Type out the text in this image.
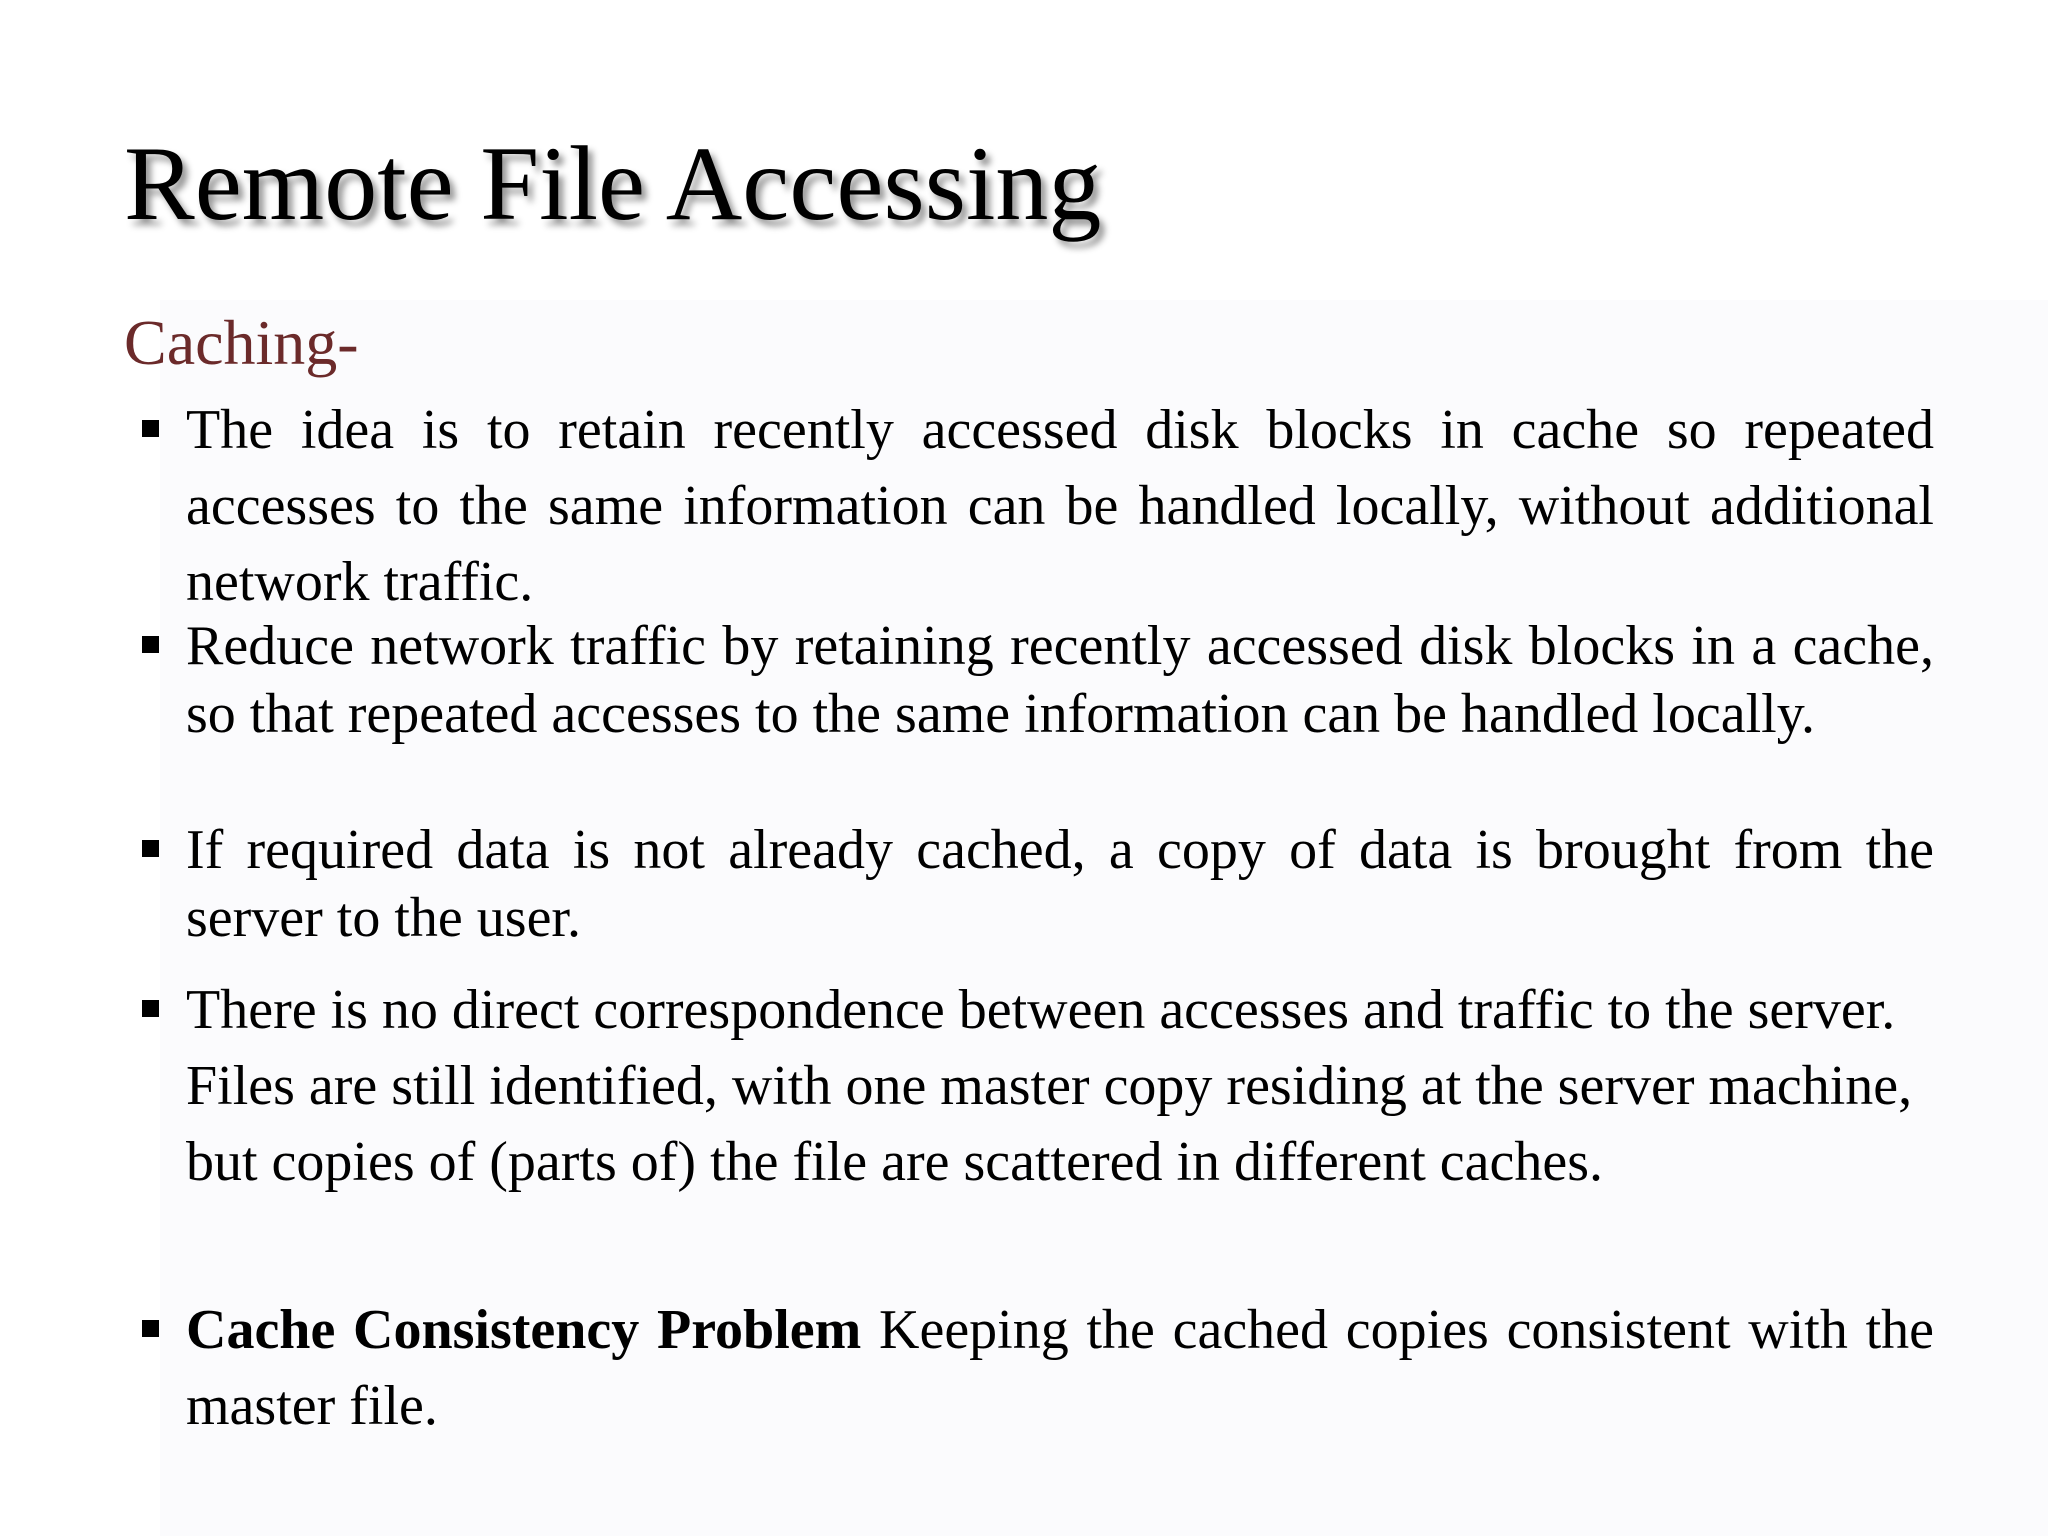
Remote File Accessing
Caching-
The idea is to retain recently accessed disk blocks in cache so repeated accesses to the same information can be handled locally, without additional network traffic.
Reduce network traffic by retaining recently accessed disk blocks in a cache, so that repeated accesses to the same information can be handled locally.
If required data is not already cached, a copy of data is brought from the server to the user.
There is no direct correspondence between accesses and traffic to the server. Files are still identified, with one master copy residing at the server machine, but copies of (parts of) the file are scattered in different caches.
Cache Consistency Problem Keeping the cached copies consistent with the master file.
